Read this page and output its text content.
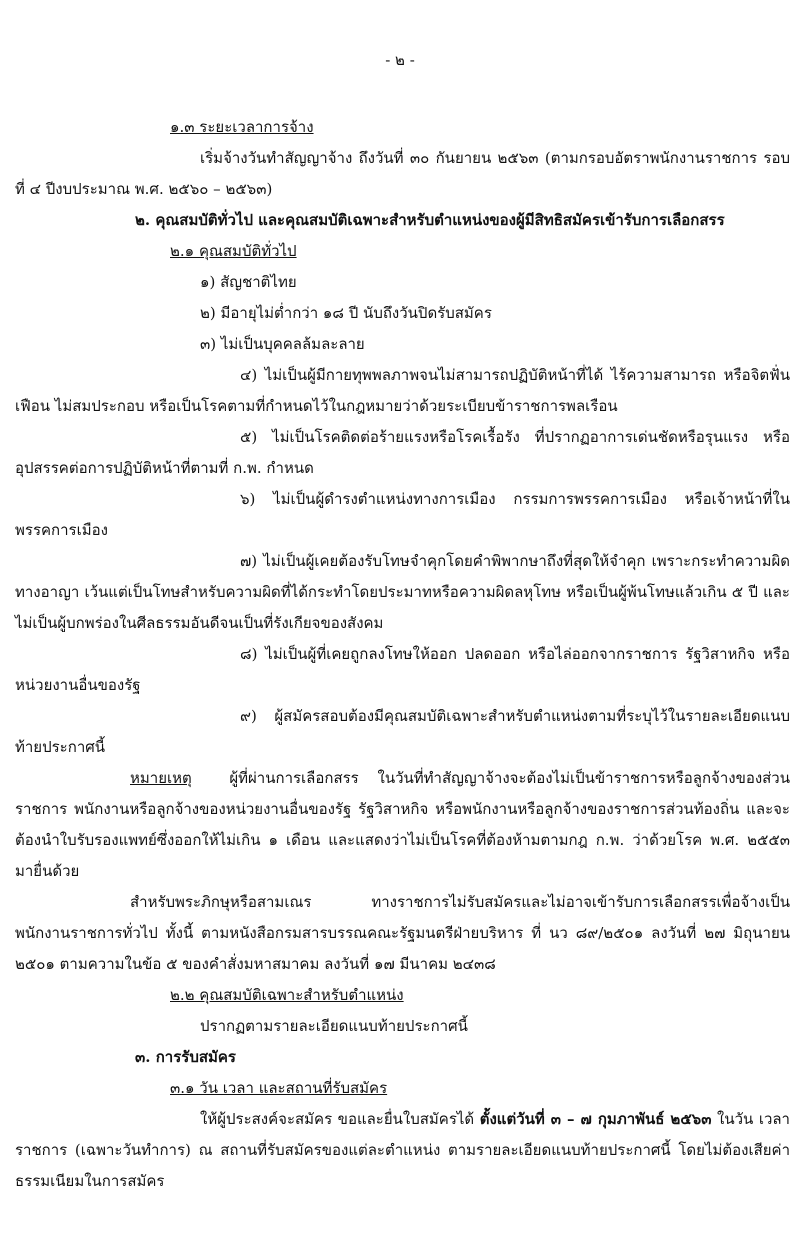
- ๒ -
๑.๓ ระยะเวลาการจ้าง
เริ่มจ้างวันทำสัญญาจ้าง ถึงวันที่ ๓๐ กันยายน ๒๕๖๓ (ตามกรอบอัตราพนักงานราชการ รอบที่ ๔ ปีงบประมาณ พ.ศ. ๒๕๖๐ – ๒๕๖๓)
๒. คุณสมบัติทั่วไป และคุณสมบัติเฉพาะสำหรับตำแหน่งของผู้มีสิทธิสมัครเข้ารับการเลือกสรร
๒.๑ คุณสมบัติทั่วไป
๑) สัญชาติไทย
๒) มีอายุไม่ต่ำกว่า ๑๘ ปี นับถึงวันปิดรับสมัคร
๓) ไม่เป็นบุคคลล้มละลาย
๔) ไม่เป็นผู้มีกายทุพพลภาพจนไม่สามารถปฏิบัติหน้าที่ได้ ไร้ความสามารถ หรือจิตฟั่นเฟือน ไม่สมประกอบ หรือเป็นโรคตามที่กำหนดไว้ในกฎหมายว่าด้วยระเบียบข้าราชการพลเรือน
๕) ไม่เป็นโรคติดต่อร้ายแรงหรือโรคเรื้อรัง ที่ปรากฏอาการเด่นชัดหรือรุนแรง หรืออุปสรรคต่อการปฏิบัติหน้าที่ตามที่ ก.พ. กำหนด
๖) ไม่เป็นผู้ดำรงตำแหน่งทางการเมือง กรรมการพรรคการเมือง หรือเจ้าหน้าที่ในพรรคการเมือง
๗) ไม่เป็นผู้เคยต้องรับโทษจำคุกโดยคำพิพากษาถึงที่สุดให้จำคุก เพราะกระทำความผิดทางอาญา เว้นแต่เป็นโทษสำหรับความผิดที่ได้กระทำโดยประมาทหรือความผิดลหุโทษ หรือเป็นผู้พ้นโทษแล้วเกิน ๕ ปี และไม่เป็นผู้บกพร่องในศีลธรรมอันดีจนเป็นที่รังเกียจของสังคม
๘) ไม่เป็นผู้ที่เคยถูกลงโทษให้ออก ปลดออก หรือไล่ออกจากราชการ รัฐวิสาหกิจ หรือหน่วยงานอื่นของรัฐ
๙) ผู้สมัครสอบต้องมีคุณสมบัติเฉพาะสำหรับตำแหน่งตามที่ระบุไว้ในรายละเอียดแนบท้ายประกาศนี้
หมายเหตุ	ผู้ที่ผ่านการเลือกสรร ในวันที่ทำสัญญาจ้างจะต้องไม่เป็นข้าราชการหรือลูกจ้างของส่วนราชการ พนักงานหรือลูกจ้างของหน่วยงานอื่นของรัฐ รัฐวิสาหกิจ หรือพนักงานหรือลูกจ้างของราชการส่วนท้องถิ่น และจะต้องนำใบรับรองแพทย์ซึ่งออกให้ไม่เกิน ๑ เดือน และแสดงว่าไม่เป็นโรคที่ต้องห้ามตามกฎ ก.พ. ว่าด้วยโรค พ.ศ. ๒๕๕๓ มายื่นด้วย
สำหรับพระภิกษุหรือสามเณร ทางราชการไม่รับสมัครและไม่อาจเข้ารับการเลือกสรรเพื่อจ้างเป็นพนักงานราชการทั่วไป ทั้งนี้ ตามหนังสือกรมสารบรรณคณะรัฐมนตรีฝ่ายบริหาร ที่ นว ๘๙/๒๕๐๑ ลงวันที่ ๒๗ มิถุนายน ๒๕๐๑ ตามความในข้อ ๕ ของคำสั่งมหาสมาคม ลงวันที่ ๑๗ มีนาคม ๒๔๓๘
๒.๒ คุณสมบัติเฉพาะสำหรับตำแหน่ง
ปรากฏตามรายละเอียดแนบท้ายประกาศนี้
๓. การรับสมัคร
๓.๑ วัน เวลา และสถานที่รับสมัคร
ให้ผู้ประสงค์จะสมัคร ขอและยื่นใบสมัครได้ ตั้งแต่วันที่ ๓ – ๗ กุมภาพันธ์ ๒๕๖๓ ในวัน เวลาราชการ (เฉพาะวันทำการ) ณ สถานที่รับสมัครของแต่ละตำแหน่ง ตามรายละเอียดแนบท้ายประกาศนี้ โดยไม่ต้องเสียค่าธรรมเนียมในการสมัคร
